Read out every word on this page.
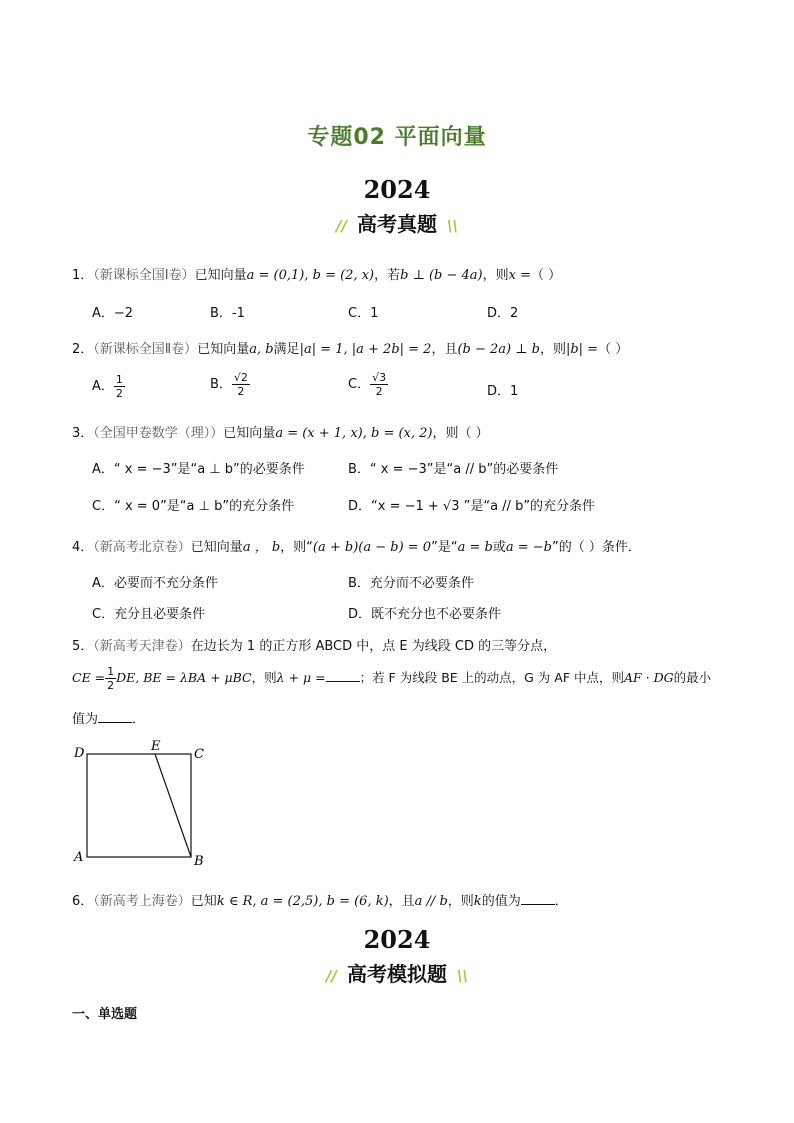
专题02 平面向量
2024
// 高考真题 \\
1．（新课标全国Ⅰ卷）已知向量a = (0,1), b = (2, x)，若b ⊥ (b − 4a)，则x =（ ）
A．−2	B．-1	C．1	D．2
2．（新课标全国Ⅱ卷）已知向量a, b满足|a| = 1, |a + 2b| = 2，且(b − 2a) ⊥ b，则|b| =（ ）
A． $\frac{1}{2}$	B． $\frac{√2}{2}$	C． $\frac{√3}{2}$	D．1
3．（全国甲卷数学（理））已知向量a = (x + 1, x), b = (x, 2)，则（ ）
A．“ x = −3”是“a ⊥ b”的必要条件	B．“ x = −3”是“a // b”的必要条件
C．“ x = 0”是“a ⊥ b”的充分条件	D．“x = −1 + √3 ”是“a // b”的充分条件
4．（新高考北京卷）已知向量a ， b，则“(a + b)(a − b) = 0”是“a = b或a = −b”的（ ）条件．
A．必要而不充分条件	B．充分而不必要条件
C．充分且必要条件	D．既不充分也不必要条件
5．（新高考天津卷）在边长为 1 的正方形 ABCD 中，点 E 为线段 CD 的三等分点，
CE = $\frac{1}{2}$ DE, BE = λBA + μBC，则λ + μ =	；若 F 为线段 BE 上的动点，G 为 AF 中点，则AF · DG的最小
值为	．
D	E
C
A	B
6．（新高考上海卷）已知k ∈ R, a = (2,5), b = (6, k)，且a // b，则k的值为	．
2024
// 高考模拟题 \\
一、单选题
